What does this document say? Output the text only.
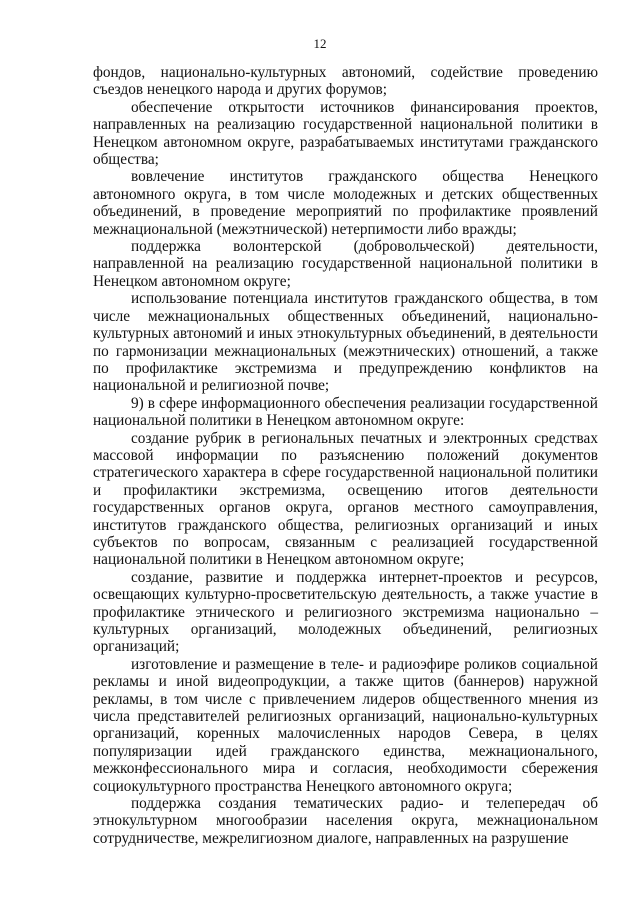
12

фондов, национально-культурных автономий, содействие проведению съездов ненецкого народа и других форумов;

обеспечение открытости источников финансирования проектов, направленных на реализацию государственной национальной политики в Ненецком автономном округе, разрабатываемых институтами гражданского общества;

вовлечение институтов гражданского общества Ненецкого автономного округа, в том числе молодежных и детских общественных объединений, в проведение мероприятий по профилактике проявлений межнациональной (межэтнической) нетерпимости либо вражды;

поддержка волонтерской (добровольческой) деятельности, направленной на реализацию государственной национальной политики в Ненецком автономном округе;

использование потенциала институтов гражданского общества, в том числе межнациональных общественных объединений, национально-культурных автономий и иных этнокультурных объединений, в деятельности по гармонизации межнациональных (межэтнических) отношений, а также по профилактике экстремизма и предупреждению конфликтов на национальной и религиозной почве;

9) в сфере информационного обеспечения реализации государственной национальной политики в Ненецком автономном округе:

создание рубрик в региональных печатных и электронных средствах массовой информации по разъяснению положений документов стратегического характера в сфере государственной национальной политики и профилактики экстремизма, освещению итогов деятельности государственных органов округа, органов местного самоуправления, институтов гражданского общества, религиозных организаций и иных субъектов по вопросам, связанным с реализацией государственной национальной политики в Ненецком автономном округе;

создание, развитие и поддержка интернет-проектов и ресурсов, освещающих культурно-просветительскую деятельность, а также участие в профилактике этнического и религиозного экстремизма национально – культурных организаций, молодежных объединений, религиозных организаций;

изготовление и размещение в теле- и радиоэфире роликов социальной рекламы и иной видеопродукции, а также щитов (баннеров) наружной рекламы, в том числе с привлечением лидеров общественного мнения из числа представителей религиозных организаций, национально-культурных организаций, коренных малочисленных народов Севера, в целях популяризации идей гражданского единства, межнационального, межконфессионального мира и согласия, необходимости сбережения социокультурного пространства Ненецкого автономного округа;

поддержка создания тематических радио- и телепередач об этнокультурном многообразии населения округа, межнациональном сотрудничестве, межрелигиозном диалоге, направленных на разрушение
